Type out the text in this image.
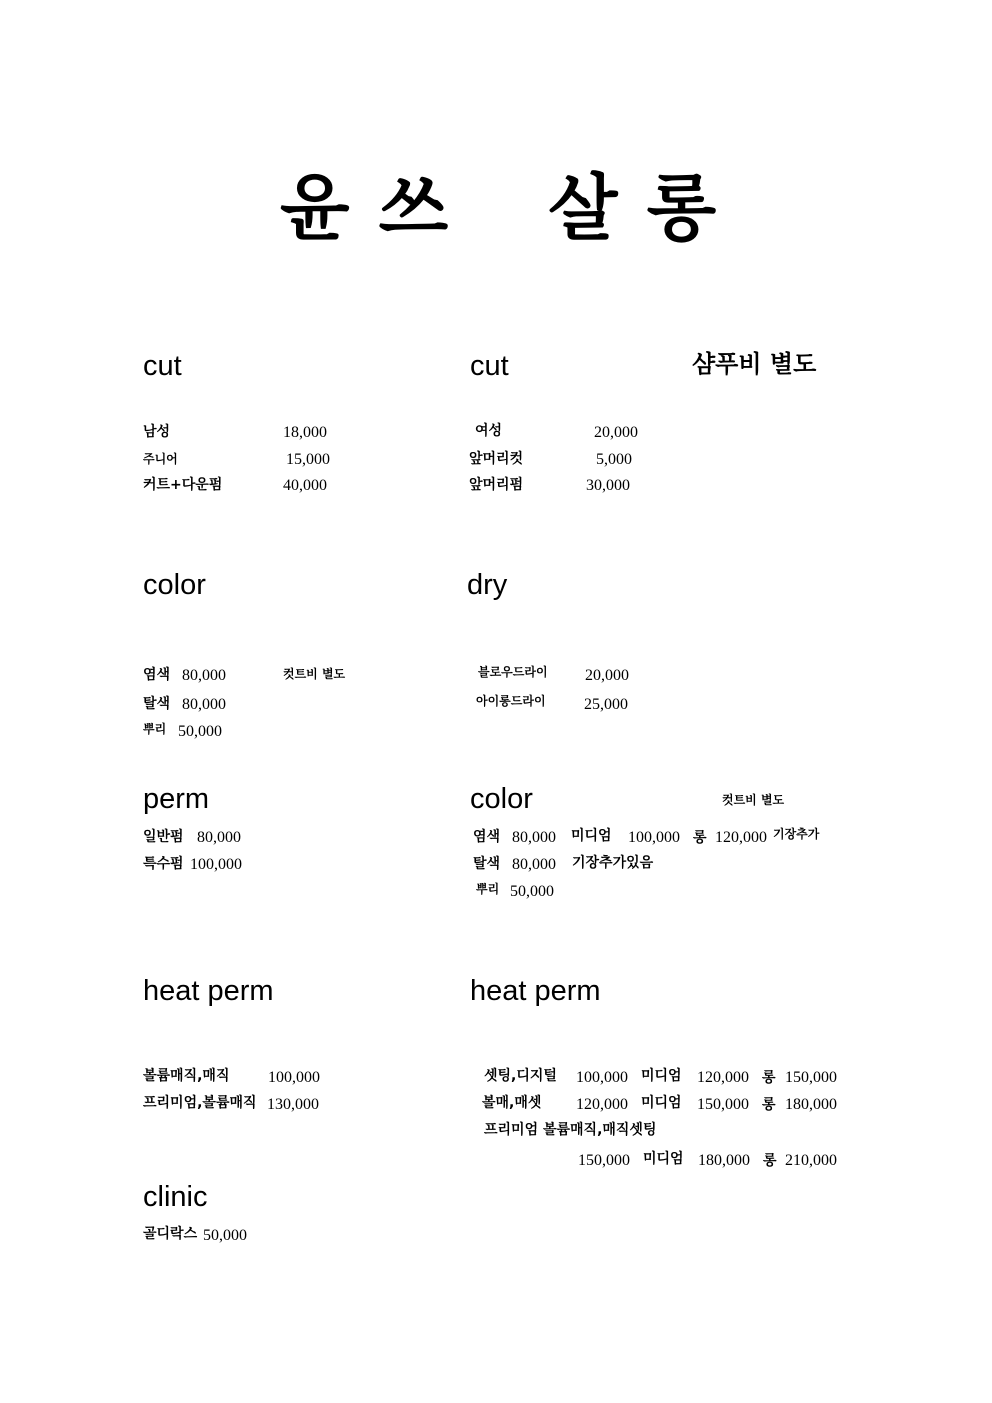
윤 쓰 살 롱
샴푸비 별도
cut
남성	18,000
주니어	15,000
커트+다운펌	40,000
cut
여성	20,000
앞머리컷	5,000
앞머리펌	30,000
color
염색 80,000	컷트비 별도
탈색 80,000
뿌리 50,000
dry
블로우드라이 20,000
아이롱드라이 25,000
perm
일반펌 80,000
특수펌 100,000
color	컷트비 별도
염색 80,000 미디엄 100,000 롱 120,000 기장추가
탈색 80,000 기장추가있음
뿌리 50,000
heat perm
볼륨매직,매직 100,000
프리미엄,볼륨매직 130,000
heat perm
셋팅,디지털 100,000 미디엄 120,000 롱 150,000
볼매,매셋 120,000 미디엄 150,000 롱 180,000
프리미엄 볼륨매직,매직셋팅
150,000 미디엄 180,000 롱 210,000
clinic
골디락스 50,000
